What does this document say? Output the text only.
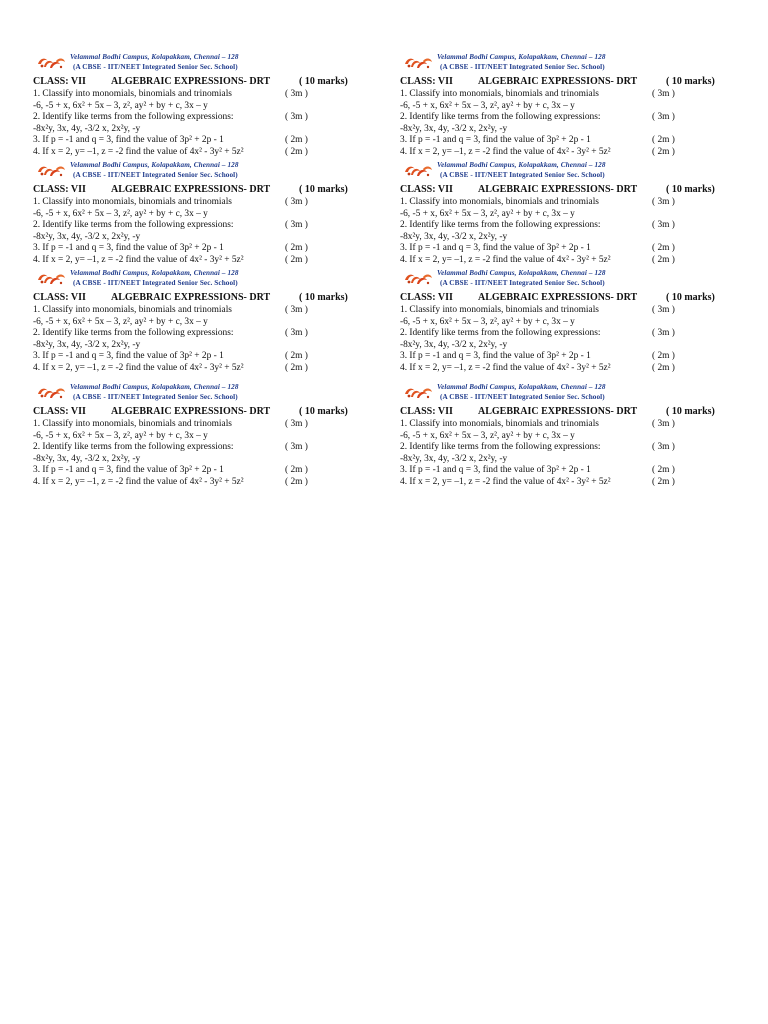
Velammal Bodhi Campus, Kolapakkam, Chennai – 128
(A CBSE - IIT/NEET Integrated Senior Sec. School)
CLASS: VII	ALGEBRAIC EXPRESSIONS- DRT	( 10 marks)
1. Classify into monomials, binomials and trinomials	( 3m )
-6, -5 + x, 6x² + 5x – 3, z², ay² + by + c, 3x – y
2. Identify like terms from the following expressions:	( 3m )
-8x²y, 3x, 4y, -3/2 x, 2x²y, -y
3. If p = -1 and q = 3, find the value of 3p² + 2p - 1	( 2m )
4. If x = 2, y= –1, z = -2 find the value of 4x² - 3y² + 5z²	( 2m )
Velammal Bodhi Campus, Kolapakkam, Chennai – 128
(A CBSE - IIT/NEET Integrated Senior Sec. School)
CLASS: VII	ALGEBRAIC EXPRESSIONS- DRT	( 10 marks)
1. Classify into monomials, binomials and trinomials	( 3m )
-6, -5 + x, 6x² + 5x – 3, z², ay² + by + c, 3x – y
2. Identify like terms from the following expressions:	( 3m )
-8x²y, 3x, 4y, -3/2 x, 2x²y, -y
3. If p = -1 and q = 3, find the value of 3p² + 2p - 1	( 2m )
4. If x = 2, y= –1, z = -2 find the value of 4x² - 3y² + 5z²	( 2m )
Velammal Bodhi Campus, Kolapakkam, Chennai – 128
(A CBSE - IIT/NEET Integrated Senior Sec. School)
CLASS: VII	ALGEBRAIC EXPRESSIONS- DRT	( 10 marks)
1. Classify into monomials, binomials and trinomials	( 3m )
-6, -5 + x, 6x² + 5x – 3, z², ay² + by + c, 3x – y
2. Identify like terms from the following expressions:	( 3m )
-8x²y, 3x, 4y, -3/2 x, 2x²y, -y
3. If p = -1 and q = 3, find the value of 3p² + 2p - 1	( 2m )
4. If x = 2, y= –1, z = -2 find the value of 4x² - 3y² + 5z²	( 2m )
Velammal Bodhi Campus, Kolapakkam, Chennai – 128
(A CBSE - IIT/NEET Integrated Senior Sec. School)
CLASS: VII	ALGEBRAIC EXPRESSIONS- DRT	( 10 marks)
1. Classify into monomials, binomials and trinomials	( 3m )
-6, -5 + x, 6x² + 5x – 3, z², ay² + by + c, 3x – y
2. Identify like terms from the following expressions:	( 3m )
-8x²y, 3x, 4y, -3/2 x, 2x²y, -y
3. If p = -1 and q = 3, find the value of 3p² + 2p - 1	( 2m )
4. If x = 2, y= –1, z = -2 find the value of 4x² - 3y² + 5z²	( 2m )
Velammal Bodhi Campus, Kolapakkam, Chennai – 128
(A CBSE - IIT/NEET Integrated Senior Sec. School)
CLASS: VII	ALGEBRAIC EXPRESSIONS- DRT	( 10 marks)
1. Classify into monomials, binomials and trinomials	( 3m )
-6, -5 + x, 6x² + 5x – 3, z², ay² + by + c, 3x – y
2. Identify like terms from the following expressions:	( 3m )
-8x²y, 3x, 4y, -3/2 x, 2x²y, -y
3. If p = -1 and q = 3, find the value of 3p² + 2p - 1	( 2m )
4. If x = 2, y= –1, z = -2 find the value of 4x² - 3y² + 5z²	( 2m )
Velammal Bodhi Campus, Kolapakkam, Chennai – 128
(A CBSE - IIT/NEET Integrated Senior Sec. School)
CLASS: VII	ALGEBRAIC EXPRESSIONS- DRT	( 10 marks)
1. Classify into monomials, binomials and trinomials	( 3m )
-6, -5 + x, 6x² + 5x – 3, z², ay² + by + c, 3x – y
2. Identify like terms from the following expressions:	( 3m )
-8x²y, 3x, 4y, -3/2 x, 2x²y, -y
3. If p = -1 and q = 3, find the value of 3p² + 2p - 1	( 2m )
4. If x = 2, y= –1, z = -2 find the value of 4x² - 3y² + 5z²	( 2m )
Velammal Bodhi Campus, Kolapakkam, Chennai – 128
(A CBSE - IIT/NEET Integrated Senior Sec. School)
CLASS: VII	ALGEBRAIC EXPRESSIONS- DRT	( 10 marks)
1. Classify into monomials, binomials and trinomials	( 3m )
-6, -5 + x, 6x² + 5x – 3, z², ay² + by + c, 3x – y
2. Identify like terms from the following expressions:	( 3m )
-8x²y, 3x, 4y, -3/2 x, 2x²y, -y
3. If p = -1 and q = 3, find the value of 3p² + 2p - 1	( 2m )
4. If x = 2, y= –1, z = -2 find the value of 4x² - 3y² + 5z²	( 2m )
Velammal Bodhi Campus, Kolapakkam, Chennai – 128
(A CBSE - IIT/NEET Integrated Senior Sec. School)
CLASS: VII	ALGEBRAIC EXPRESSIONS- DRT	( 10 marks)
1. Classify into monomials, binomials and trinomials	( 3m )
-6, -5 + x, 6x² + 5x – 3, z², ay² + by + c, 3x – y
2. Identify like terms from the following expressions:	( 3m )
-8x²y, 3x, 4y, -3/2 x, 2x²y, -y
3. If p = -1 and q = 3, find the value of 3p² + 2p - 1	( 2m )
4. If x = 2, y= –1, z = -2 find the value of 4x² - 3y² + 5z²	( 2m )
